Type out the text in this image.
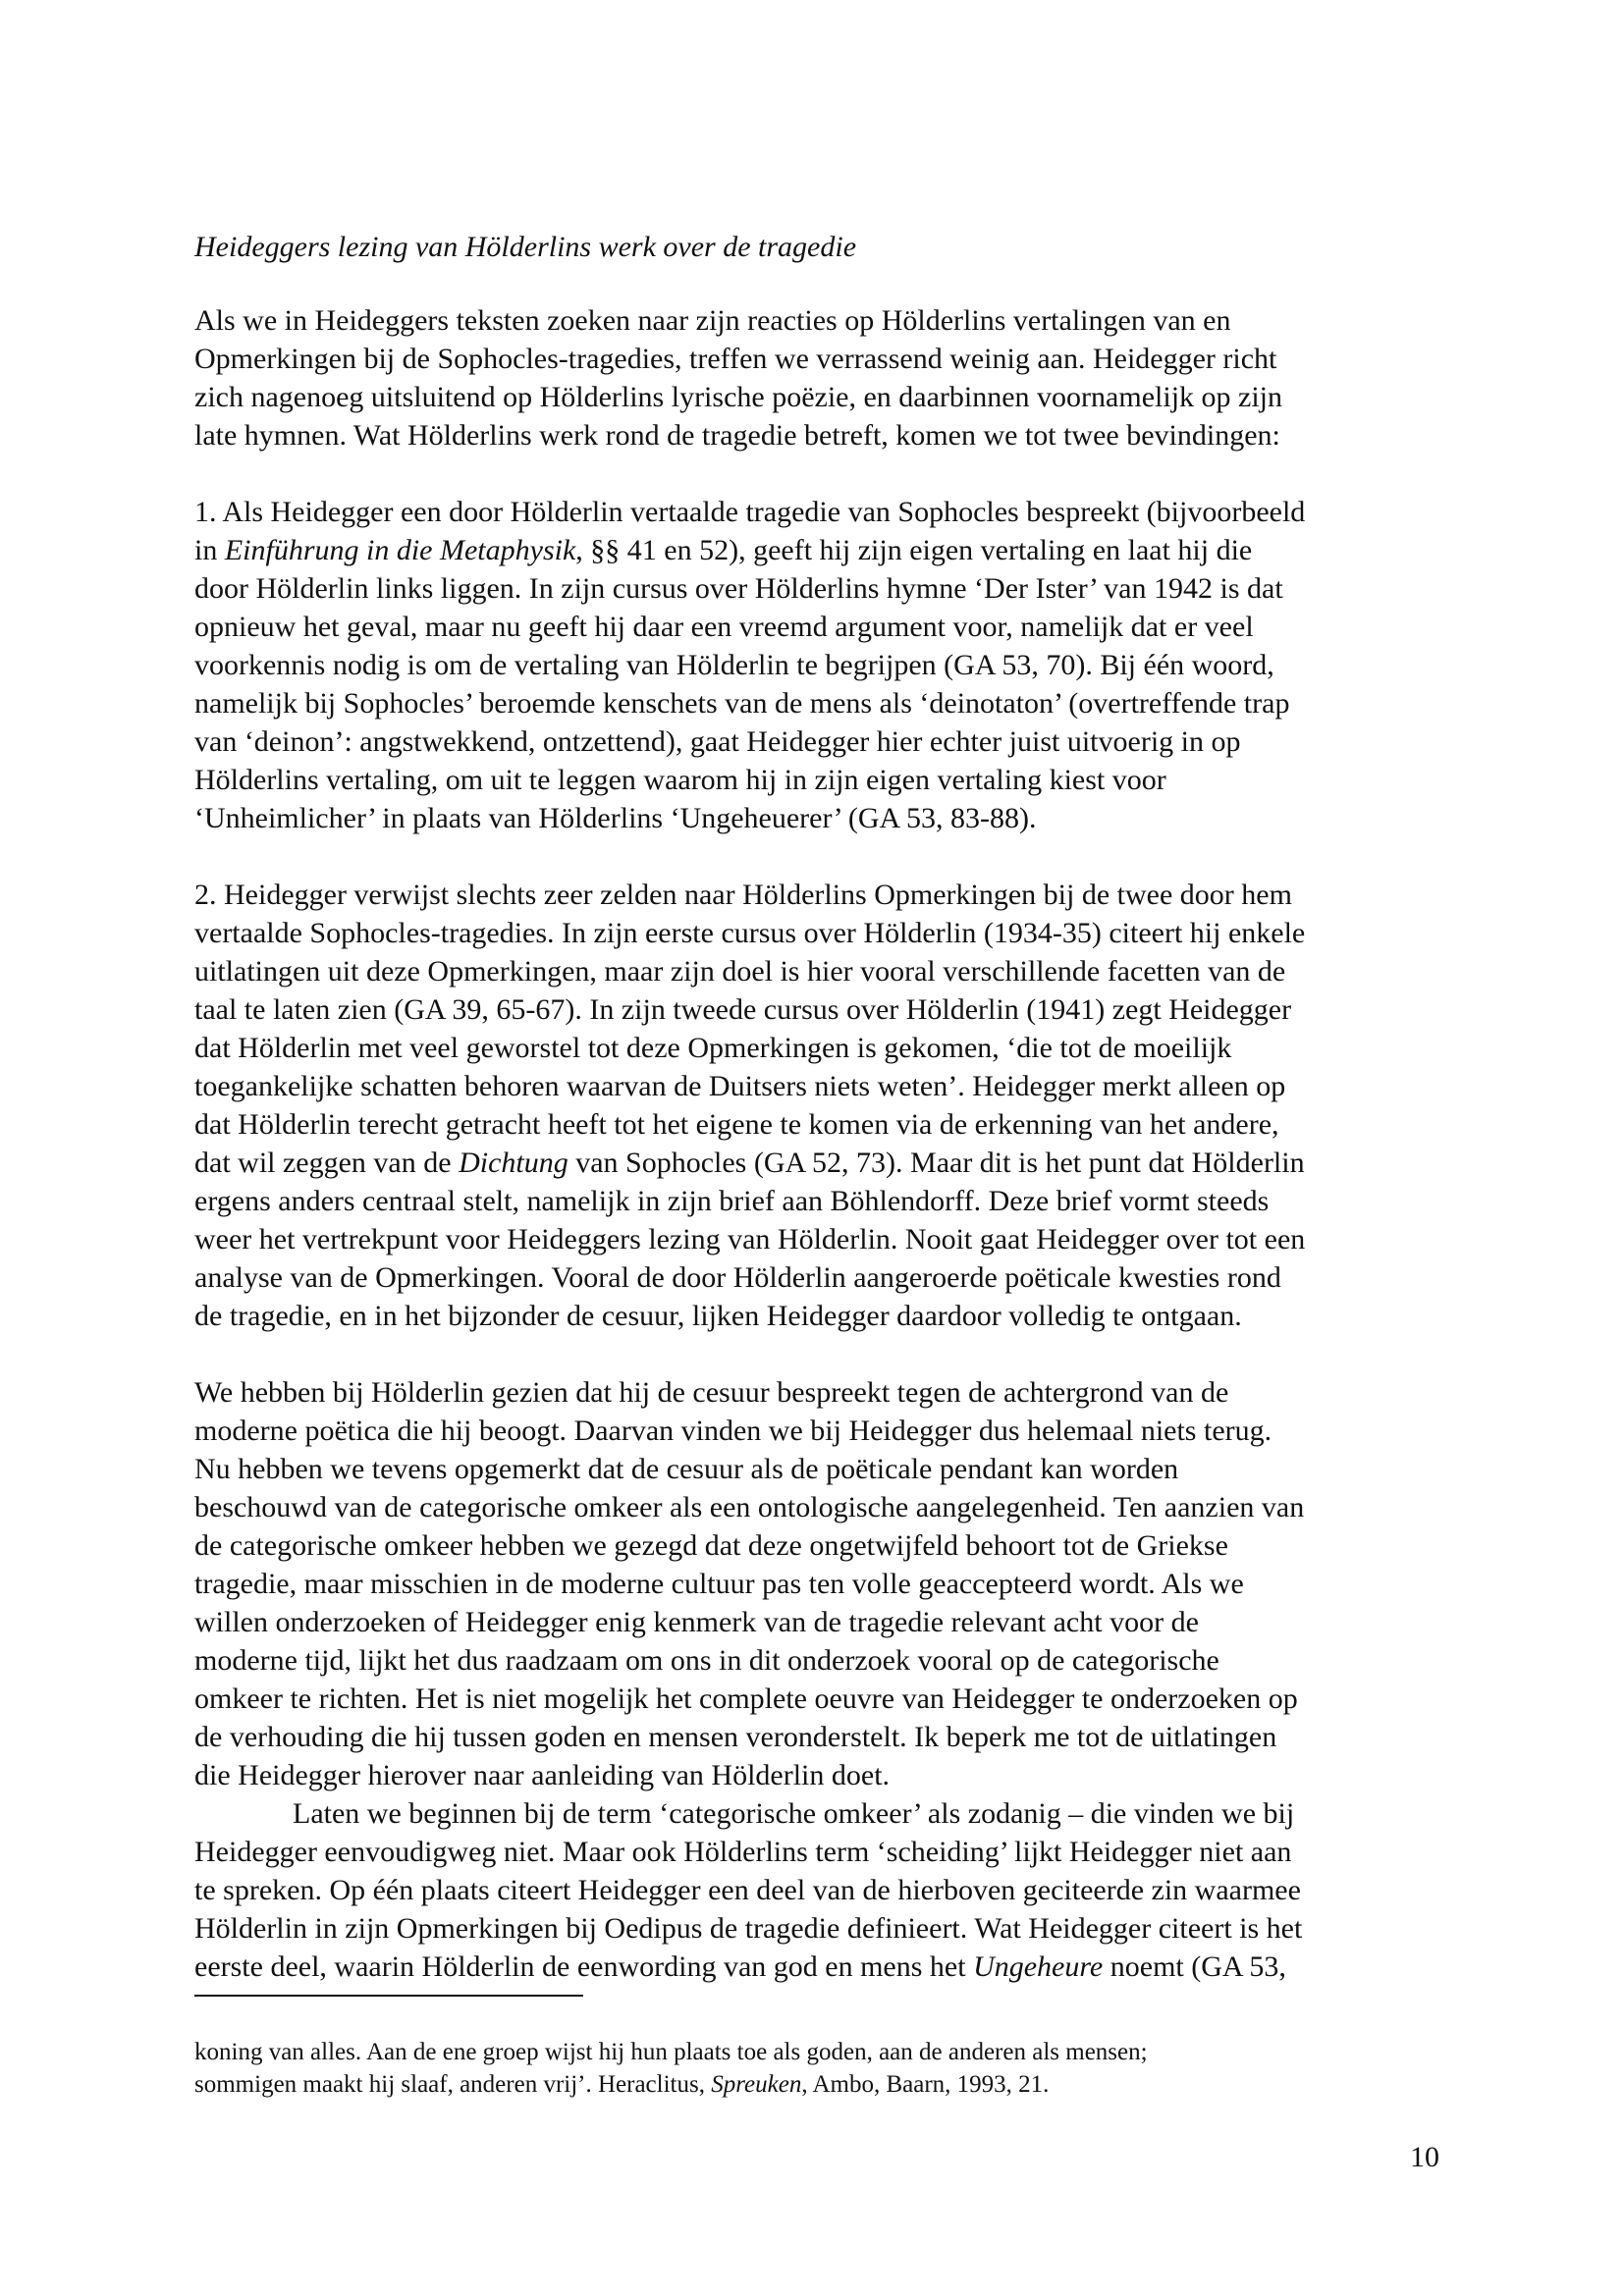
Heideggers lezing van Hölderlins werk over de tragedie
Als we in Heideggers teksten zoeken naar zijn reacties op Hölderlins vertalingen van en
Opmerkingen bij de Sophocles-tragedies, treffen we verrassend weinig aan. Heidegger richt
zich nagenoeg uitsluitend op Hölderlins lyrische poëzie, en daarbinnen voornamelijk op zijn
late hymnen. Wat Hölderlins werk rond de tragedie betreft, komen we tot twee bevindingen:
1. Als Heidegger een door Hölderlin vertaalde tragedie van Sophocles bespreekt (bijvoorbeeld
in Einführung in die Metaphysik, §§ 41 en 52), geeft hij zijn eigen vertaling en laat hij die
door Hölderlin links liggen. In zijn cursus over Hölderlins hymne ‘Der Ister’ van 1942 is dat
opnieuw het geval, maar nu geeft hij daar een vreemd argument voor, namelijk dat er veel
voorkennis nodig is om de vertaling van Hölderlin te begrijpen (GA 53, 70). Bij één woord,
namelijk bij Sophocles’ beroemde kenschets van de mens als ‘deinotaton’ (overtreffende trap
van ‘deinon’: angstwekkend, ontzettend), gaat Heidegger hier echter juist uitvoerig in op
Hölderlins vertaling, om uit te leggen waarom hij in zijn eigen vertaling kiest voor
‘Unheimlicher’ in plaats van Hölderlins ‘Ungeheuerer’ (GA 53, 83-88).
2. Heidegger verwijst slechts zeer zelden naar Hölderlins Opmerkingen bij de twee door hem
vertaalde Sophocles-tragedies. In zijn eerste cursus over Hölderlin (1934-35) citeert hij enkele
uitlatingen uit deze Opmerkingen, maar zijn doel is hier vooral verschillende facetten van de
taal te laten zien (GA 39, 65-67). In zijn tweede cursus over Hölderlin (1941) zegt Heidegger
dat Hölderlin met veel geworstel tot deze Opmerkingen is gekomen, ‘die tot de moeilijk
toegankelijke schatten behoren waarvan de Duitsers niets weten’. Heidegger merkt alleen op
dat Hölderlin terecht getracht heeft tot het eigene te komen via de erkenning van het andere,
dat wil zeggen van de Dichtung van Sophocles (GA 52, 73). Maar dit is het punt dat Hölderlin
ergens anders centraal stelt, namelijk in zijn brief aan Böhlendorff. Deze brief vormt steeds
weer het vertrekpunt voor Heideggers lezing van Hölderlin. Nooit gaat Heidegger over tot een
analyse van de Opmerkingen. Vooral de door Hölderlin aangeroerde poëticale kwesties rond
de tragedie, en in het bijzonder de cesuur, lijken Heidegger daardoor volledig te ontgaan.
We hebben bij Hölderlin gezien dat hij de cesuur bespreekt tegen de achtergrond van de
moderne poëtica die hij beoogt. Daarvan vinden we bij Heidegger dus helemaal niets terug.
Nu hebben we tevens opgemerkt dat de cesuur als de poëticale pendant kan worden
beschouwd van de categorische omkeer als een ontologische aangelegenheid. Ten aanzien van
de categorische omkeer hebben we gezegd dat deze ongetwijfeld behoort tot de Griekse
tragedie, maar misschien in de moderne cultuur pas ten volle geaccepteerd wordt. Als we
willen onderzoeken of Heidegger enig kenmerk van de tragedie relevant acht voor de
moderne tijd, lijkt het dus raadzaam om ons in dit onderzoek vooral op de categorische
omkeer te richten. Het is niet mogelijk het complete oeuvre van Heidegger te onderzoeken op
de verhouding die hij tussen goden en mensen veronderstelt. Ik beperk me tot de uitlatingen
die Heidegger hierover naar aanleiding van Hölderlin doet.
Laten we beginnen bij de term ‘categorische omkeer’ als zodanig – die vinden we bij
Heidegger eenvoudigweg niet. Maar ook Hölderlins term ‘scheiding’ lijkt Heidegger niet aan
te spreken. Op één plaats citeert Heidegger een deel van de hierboven geciteerde zin waarmee
Hölderlin in zijn Opmerkingen bij Oedipus de tragedie definieert. Wat Heidegger citeert is het
eerste deel, waarin Hölderlin de eenwording van god en mens het Ungeheure noemt (GA 53,
koning van alles. Aan de ene groep wijst hij hun plaats toe als goden, aan de anderen als mensen;
sommigen maakt hij slaaf, anderen vrij’. Heraclitus, Spreuken, Ambo, Baarn, 1993, 21.
10
